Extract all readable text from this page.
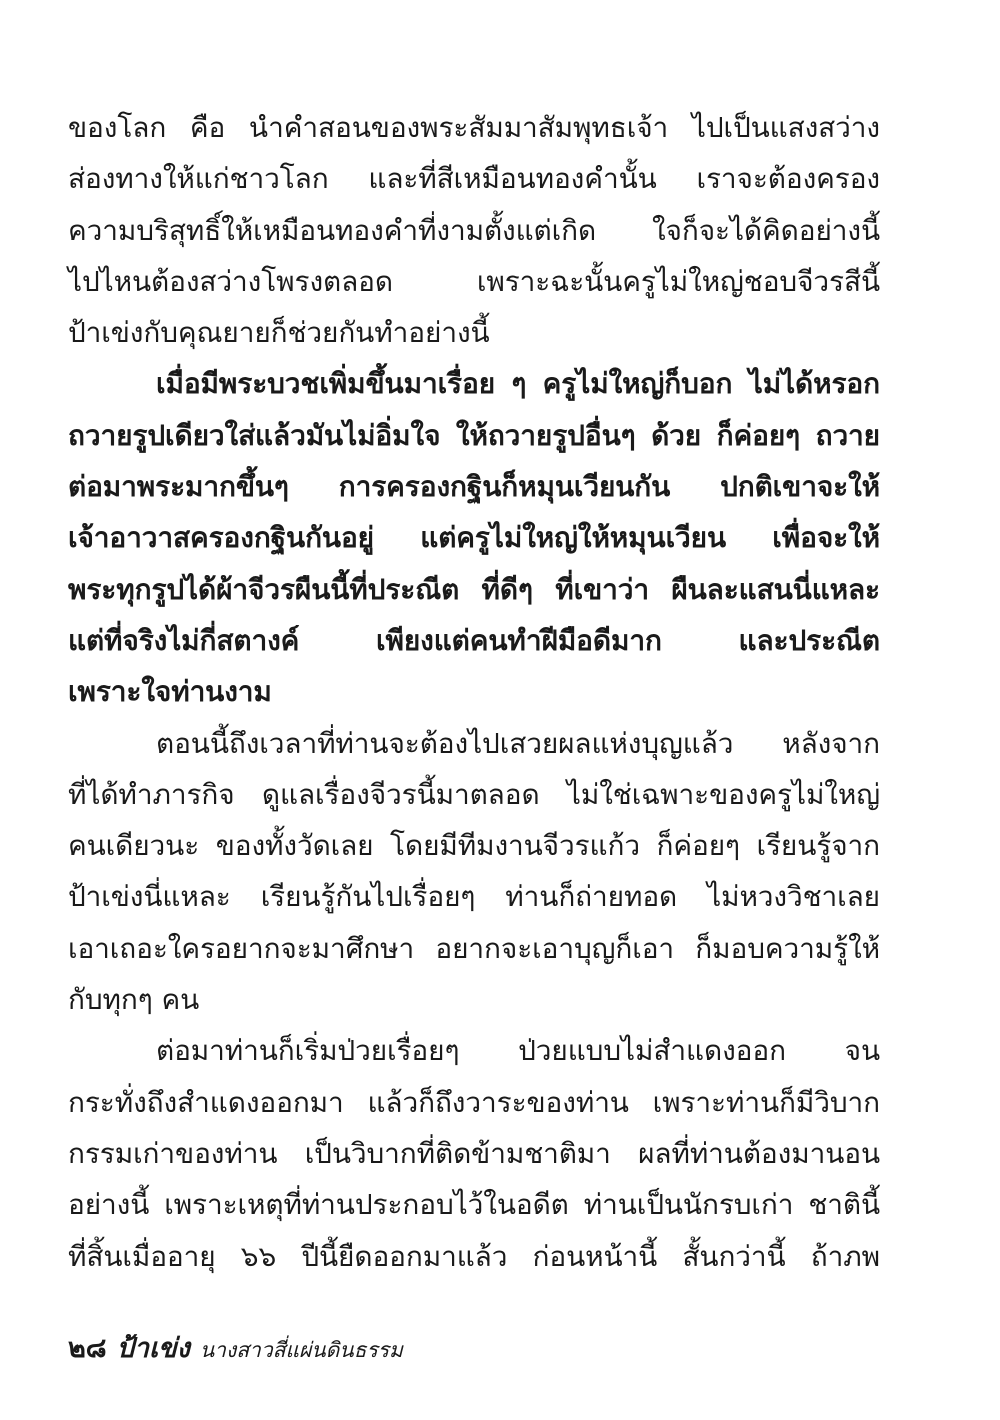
ของโลก คือ นำคำสอนของพระสัมมาสัมพุทธเจ้า ไปเป็นแสงสว่าง
ส่องทางให้แก่ชาวโลก และที่สีเหมือนทองคำนั้น เราจะต้องครอง
ความบริสุทธิ์ให้เหมือนทองคำที่งามตั้งแต่เกิด ใจก็จะได้คิดอย่างนี้
ไปไหนต้องสว่างโพรงตลอด เพราะฉะนั้นครูไม่ใหญ่ชอบจีวรสีนี้
ป้าเข่งกับคุณยายก็ช่วยกันทำอย่างนี้
เมื่อมีพระบวชเพิ่มขึ้นมาเรื่อย ๆ ครูไม่ใหญ่ก็บอก ไม่ได้หรอก
ถวายรูปเดียวใส่แล้วมันไม่อิ่มใจ ให้ถวายรูปอื่นๆ ด้วย ก็ค่อยๆ ถวาย
ต่อมาพระมากขึ้นๆ การครองกฐินก็หมุนเวียนกัน ปกติเขาจะให้
เจ้าอาวาสครองกฐินกันอยู่ แต่ครูไม่ใหญ่ให้หมุนเวียน เพื่อจะให้
พระทุกรูปได้ผ้าจีวรผืนนี้ที่ประณีต ที่ดีๆ ที่เขาว่า ผืนละแสนนี่แหละ
แต่ที่จริงไม่กี่สตางค์ เพียงแต่คนทำฝีมือดีมาก และประณีต
เพราะใจท่านงาม
ตอนนี้ถึงเวลาที่ท่านจะต้องไปเสวยผลแห่งบุญแล้ว หลังจาก
ที่ได้ทำภารกิจ ดูแลเรื่องจีวรนี้มาตลอด ไม่ใช่เฉพาะของครูไม่ใหญ่
คนเดียวนะ ของทั้งวัดเลย โดยมีทีมงานจีวรแก้ว ก็ค่อยๆ เรียนรู้จาก
ป้าเข่งนี่แหละ เรียนรู้กันไปเรื่อยๆ ท่านก็ถ่ายทอด ไม่หวงวิชาเลย
เอาเถอะใครอยากจะมาศึกษา อยากจะเอาบุญก็เอา ก็มอบความรู้ให้
กับทุกๆ คน
ต่อมาท่านก็เริ่มป่วยเรื่อยๆ ป่วยแบบไม่สำแดงออก จน
กระทั่งถึงสำแดงออกมา แล้วก็ถึงวาระของท่าน เพราะท่านก็มีวิบาก
กรรมเก่าของท่าน เป็นวิบากที่ติดข้ามชาติมา ผลที่ท่านต้องมานอน
อย่างนี้ เพราะเหตุที่ท่านประกอบไว้ในอดีต ท่านเป็นนักรบเก่า ชาตินี้
ที่สิ้นเมื่ออายุ ๖๖ ปีนี้ยืดออกมาแล้ว ก่อนหน้านี้ สั้นกว่านี้ ถ้าภพ
๒๘ ป้าเข่ง นางสาวสี่แผ่นดินธรรม
